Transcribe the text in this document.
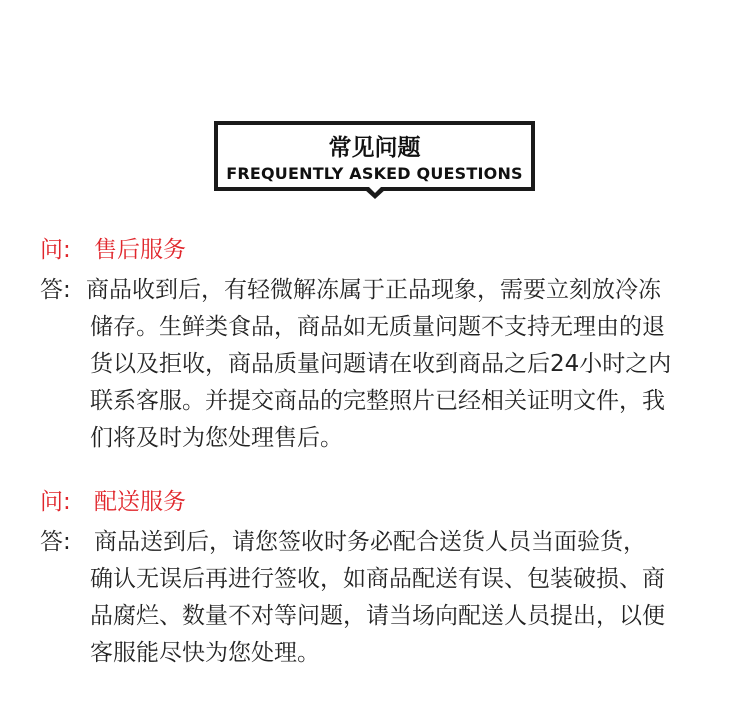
常见问题
FREQUENTLY ASKED QUESTIONS
问: 售后服务
答: 商品收到后，有轻微解冻属于正品现象，需要立刻放冷冻
储存。生鲜类食品，商品如无质量问题不支持无理由的退
货以及拒收，商品质量问题请在收到商品之后24小时之内
联系客服。并提交商品的完整照片已经相关证明文件，我
们将及时为您处理售后。
问: 配送服务
答: 商品送到后，请您签收时务必配合送货人员当面验货，
确认无误后再进行签收，如商品配送有误、包装破损、商
品腐烂、数量不对等问题，请当场向配送人员提出，以便
客服能尽快为您处理。
